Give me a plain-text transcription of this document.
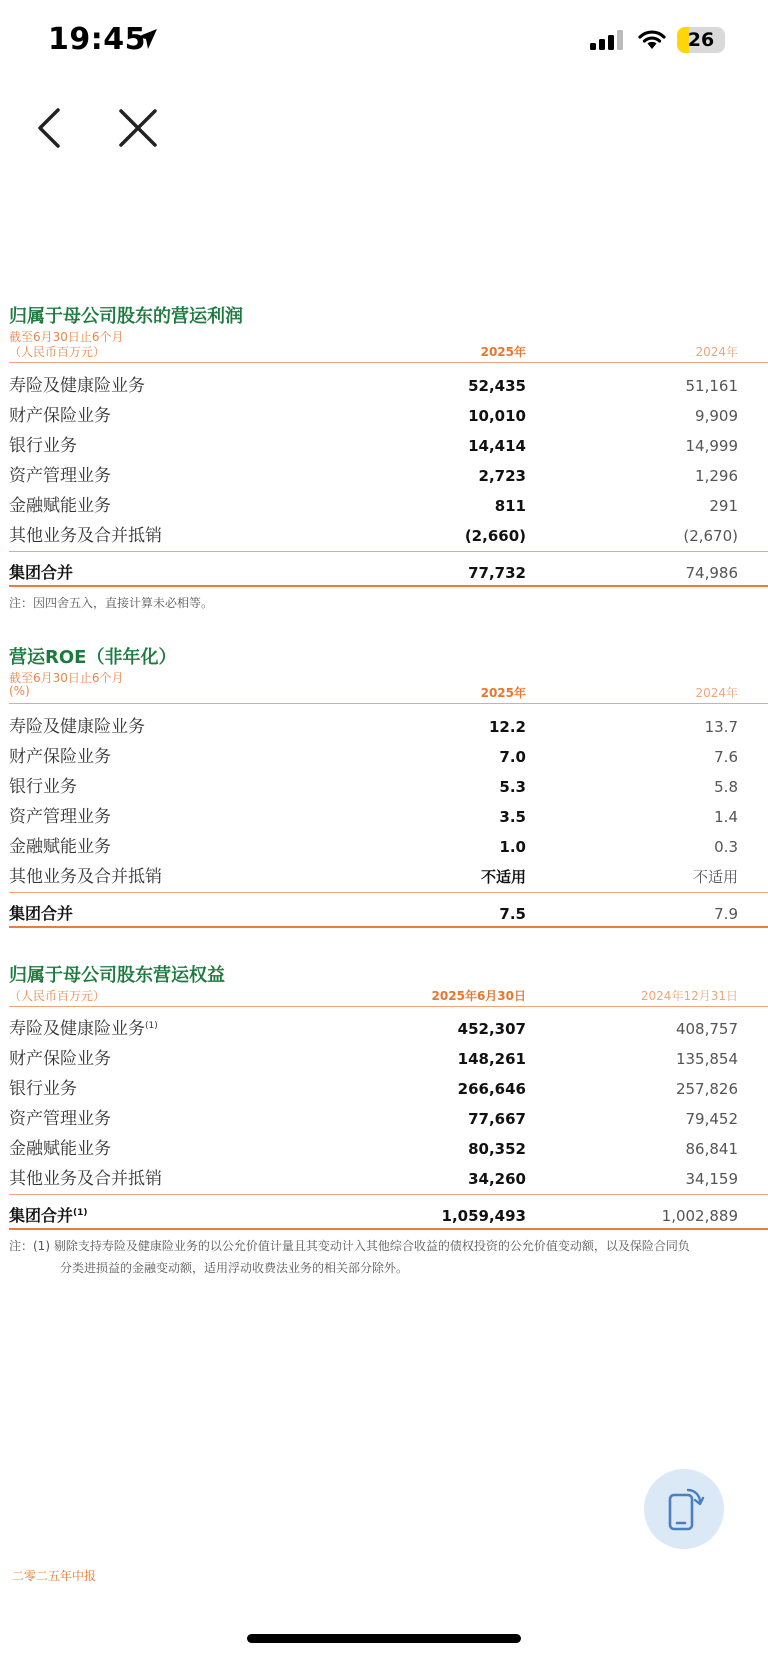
19:45	26
归属于母公司股东的营运利润
截至6月30日止6个月
（人民币百万元）	2025年	2024年
寿险及健康险业务	52,435	51,161
财产保险业务	10,010	9,909
银行业务	14,414	14,999
资产管理业务	2,723	1,296
金融赋能业务	811	291
其他业务及合并抵销	(2,660)	(2,670)
集团合并	77,732	74,986
注：因四舍五入，直接计算未必相等。
营运ROE（非年化）
截至6月30日止6个月
(%)	2025年	2024年
寿险及健康险业务	12.2	13.7
财产保险业务	7.0	7.6
银行业务	5.3	5.8
资产管理业务	3.5	1.4
金融赋能业务	1.0	0.3
其他业务及合并抵销	不适用	不适用
集团合并	7.5	7.9
归属于母公司股东营运权益
（人民币百万元）	2025年6月30日	2024年12月31日
寿险及健康险业务$^{(1)}$	452,307	408,757
财产保险业务	148,261	135,854
银行业务	266,646	257,826
资产管理业务	77,667	79,452
金融赋能业务	80,352	86,841
其他业务及合并抵销	34,260	34,159
集团合并$^{(1)}$	1,059,493	1,002,889
注：(1) 剔除支持寿险及健康险业务的以公允价值计量且其变动计入其他综合收益的债权投资的公允价值变动额，以及保险合同负
分类进损益的金融变动额，适用浮动收费法业务的相关部分除外。
二零二五年中报
